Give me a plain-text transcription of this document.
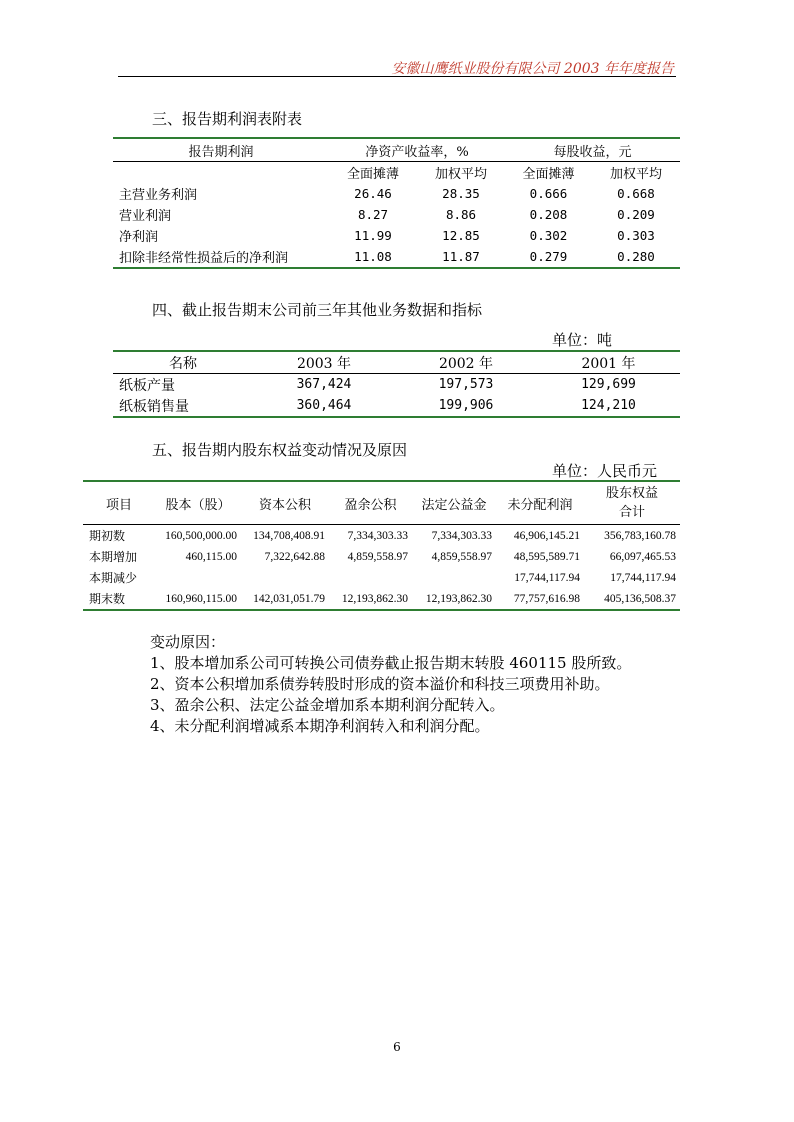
安徽山鹰纸业股份有限公司 2003 年年度报告
三、报告期利润表附表
报告期利润	净资产收益率，%		每股收益，元	
	全面摊薄	加权平均	全面摊薄	加权平均
主营业务利润	26.46	28.35	0.666	0.668
营业利润	8.27	8.86	0.208	0.209
净利润	11.99	12.85	0.302	0.303
扣除非经常性损益后的净利润	11.08	11.87	0.279	0.280
四、截止报告期末公司前三年其他业务数据和指标
单位：吨
名称	2003 年	2002 年	2001 年
纸板产量	367,424	197,573	129,699
纸板销售量	360,464	199,906	124,210
五、报告期内股东权益变动情况及原因
单位：人民币元
项目	股本（股）	资本公积	盈余公积	法定公益金	未分配利润	股东权益
合计

期初数	160,500,000.00	134,708,408.91	7,334,303.33	7,334,303.33	46,906,145.21	356,783,160.78
本期增加	460,115.00	7,322,642.88	4,859,558.97	4,859,558.97	48,595,589.71	66,097,465.53
本期减少					17,744,117.94	17,744,117.94
期末数	160,960,115.00	142,031,051.79	12,193,862.30	12,193,862.30	77,757,616.98	405,136,508.37
变动原因：
1、股本增加系公司可转换公司债券截止报告期末转股 460115 股所致。
2、资本公积增加系债券转股时形成的资本溢价和科技三项费用补助。
3、盈余公积、法定公益金增加系本期利润分配转入。
4、未分配利润增减系本期净利润转入和利润分配。
6
